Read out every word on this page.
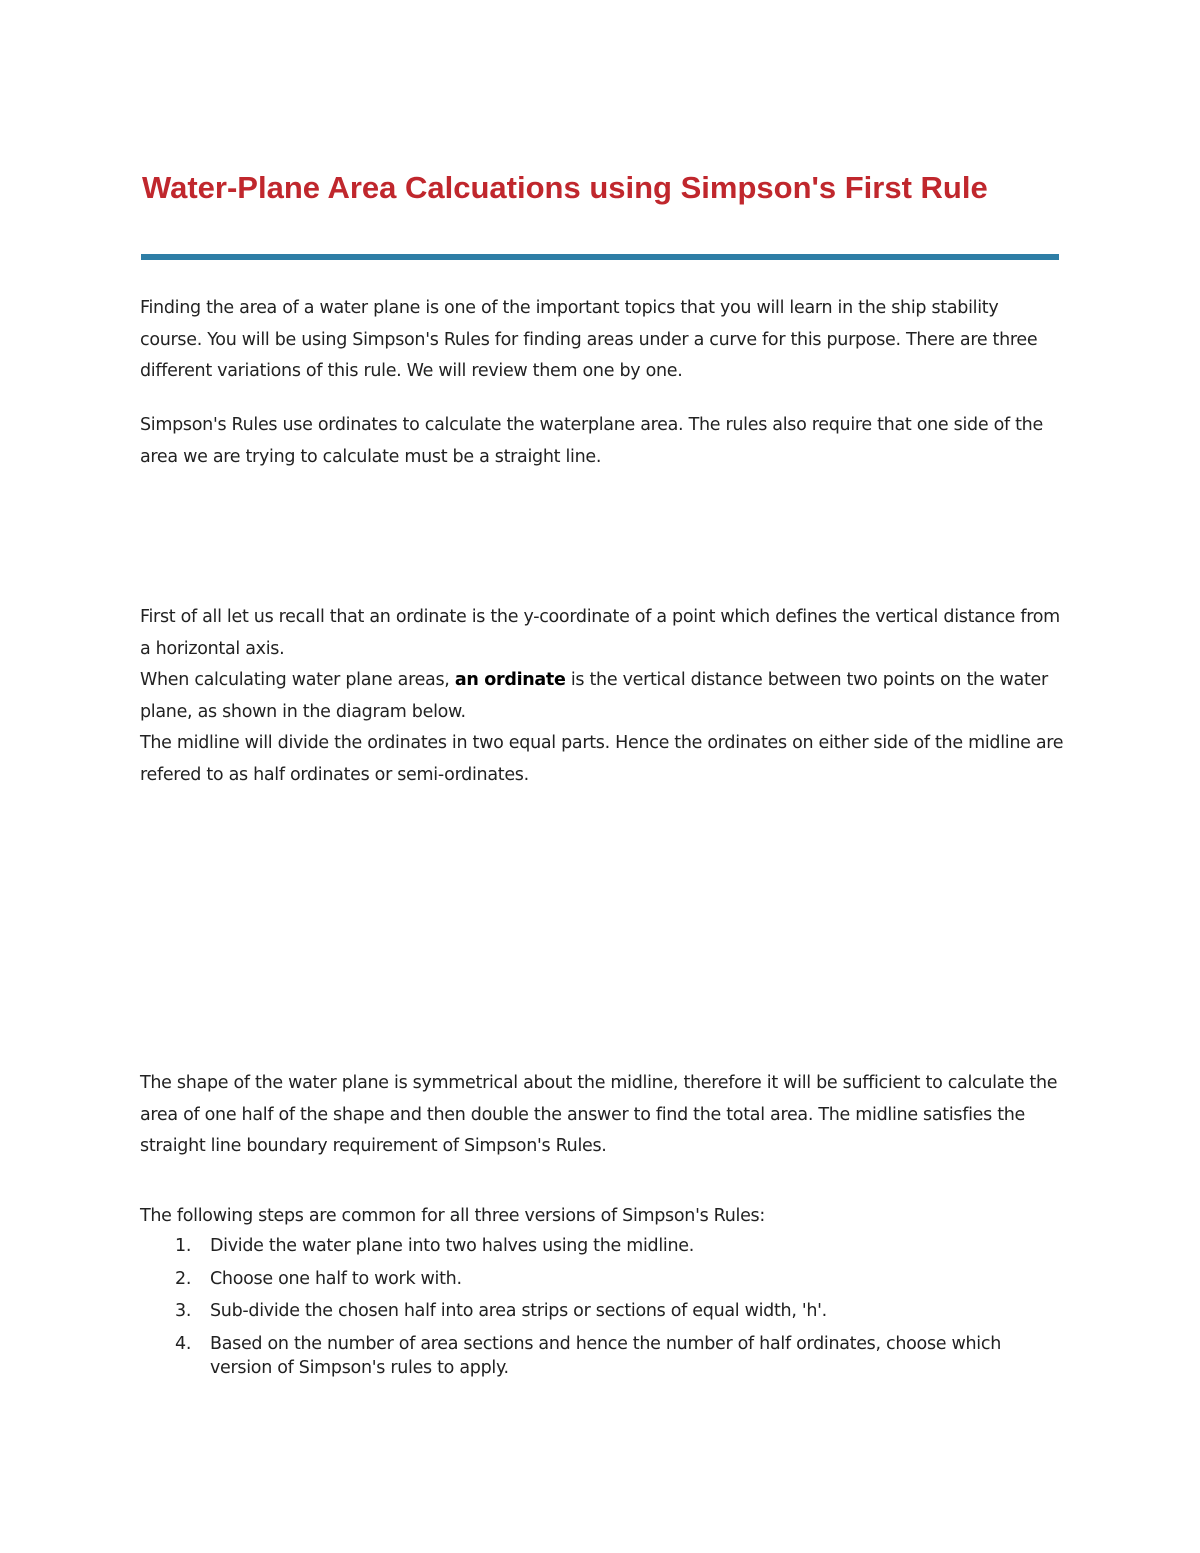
Water-Plane Area Calcuations using Simpson's First Rule

Finding the area of a water plane is one of the important topics that you will learn in the ship stability course. You will be using Simpson's Rules for finding areas under a curve for this purpose. There are three different variations of this rule. We will review them one by one.

Simpson's Rules use ordinates to calculate the waterplane area. The rules also require that one side of the area we are trying to calculate must be a straight line.

First of all let us recall that an ordinate is the y-coordinate of a point which defines the vertical distance from a horizontal axis.
When calculating water plane areas, an ordinate is the vertical distance between two points on the water plane, as shown in the diagram below.
The midline will divide the ordinates in two equal parts. Hence the ordinates on either side of the midline are refered to as half ordinates or semi-ordinates.

The shape of the water plane is symmetrical about the midline, therefore it will be sufficient to calculate the area of one half of the shape and then double the answer to find the total area. The midline satisfies the straight line boundary requirement of Simpson's Rules.

The following steps are common for all three versions of Simpson's Rules:

1. Divide the water plane into two halves using the midline.
2. Choose one half to work with.
3. Sub-divide the chosen half into area strips or sections of equal width, 'h'.
4. Based on the number of area sections and hence the number of half ordinates, choose which version of Simpson's rules to apply.
